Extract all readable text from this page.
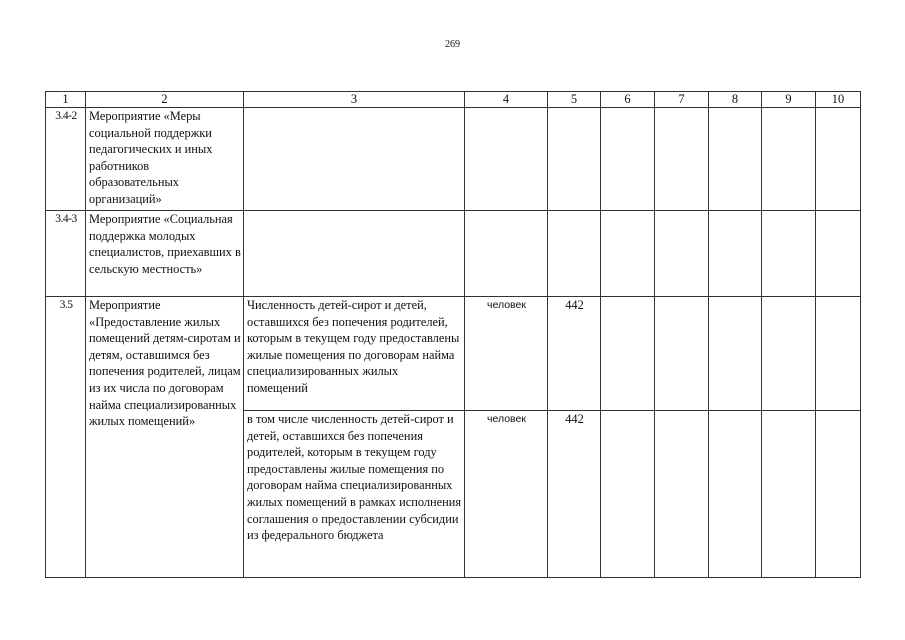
269
1	2	3	4	5	6	7	8	9	10
3.4-2	Мероприятие «Меры социальной поддержки педагогических и иных работников образовательных организаций»								
3.4-3	Мероприятие «Социальная поддержка молодых специалистов, приехавших в сельскую местность»								
3.5	Мероприятие «Предоставление жилых помещений детям-сиротам и детям, оставшимся без попечения родителей, лицам из их числа по договорам найма специализированных жилых помещений»	Численность детей-сирот и детей, оставшихся без попечения родителей, которым в текущем году предоставлены жилые помещения по договорам найма специализированных жилых помещений	человек	442					
		в том числе численность детей-сирот и детей, оставшихся без попечения родителей, которым в текущем году предоставлены жилые помещения по договорам найма специализированных жилых помещений в рамках исполнения соглашения о предоставлении субсидии из федерального бюджета	человек	442					
